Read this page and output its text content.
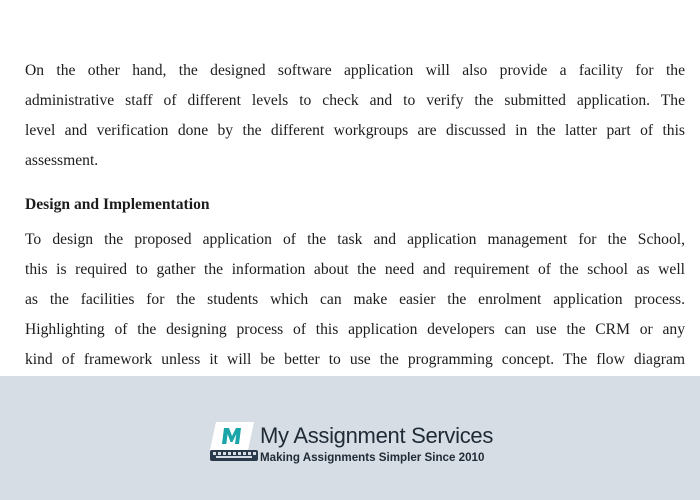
On the other hand, the designed software application will also provide a facility for the
administrative staff of different levels to check and to verify the submitted application. The
level and verification done by the different workgroups are discussed in the latter part of this
assessment.
Design and Implementation
To design the proposed application of the task and application management for the School,
this is required to gather the information about the need and requirement of the school as well
as the facilities for the students which can make easier the enrolment application process.
Highlighting of the designing process of this application developers can use the CRM or any
kind of framework unless it will be better to use the programming concept. The flow diagram
My Assignment Services
Making Assignments Simpler Since 2010
